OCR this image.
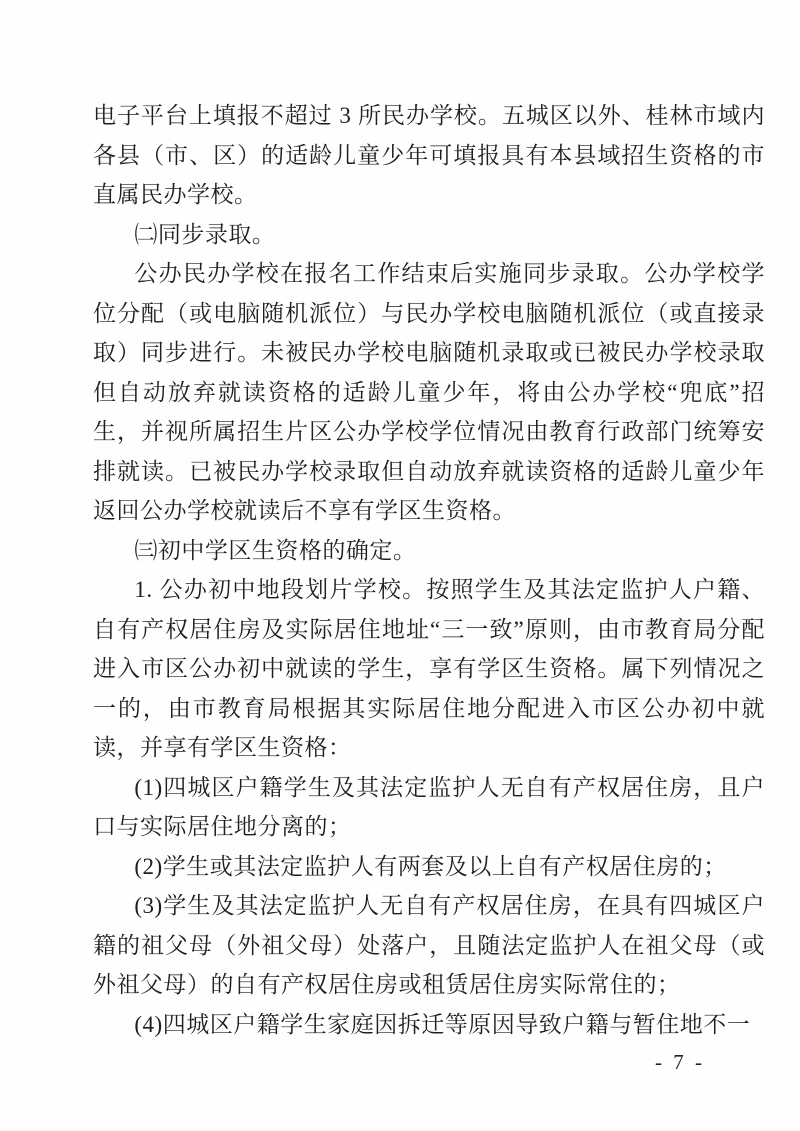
电子平台上填报不超过 3 所民办学校。五城区以外、桂林市域内各县（市、区）的适龄儿童少年可填报具有本县域招生资格的市直属民办学校。

㈡同步录取。

公办民办学校在报名工作结束后实施同步录取。公办学校学位分配（或电脑随机派位）与民办学校电脑随机派位（或直接录取）同步进行。未被民办学校电脑随机录取或已被民办学校录取但自动放弃就读资格的适龄儿童少年，将由公办学校“兜底”招生，并视所属招生片区公办学校学位情况由教育行政部门统筹安排就读。已被民办学校录取但自动放弃就读资格的适龄儿童少年返回公办学校就读后不享有学区生资格。

㈢初中学区生资格的确定。

1. 公办初中地段划片学校。按照学生及其法定监护人户籍、自有产权居住房及实际居住地址“三一致”原则，由市教育局分配进入市区公办初中就读的学生，享有学区生资格。属下列情况之一的，由市教育局根据其实际居住地分配进入市区公办初中就读，并享有学区生资格：

(1)四城区户籍学生及其法定监护人无自有产权居住房，且户口与实际居住地分离的；

(2)学生或其法定监护人有两套及以上自有产权居住房的；

(3)学生及其法定监护人无自有产权居住房，在具有四城区户籍的祖父母（外祖父母）处落户，且随法定监护人在祖父母（或外祖父母）的自有产权居住房或租赁居住房实际常住的；

(4)四城区户籍学生家庭因拆迁等原因导致户籍与暂住地不一

- 7 -
